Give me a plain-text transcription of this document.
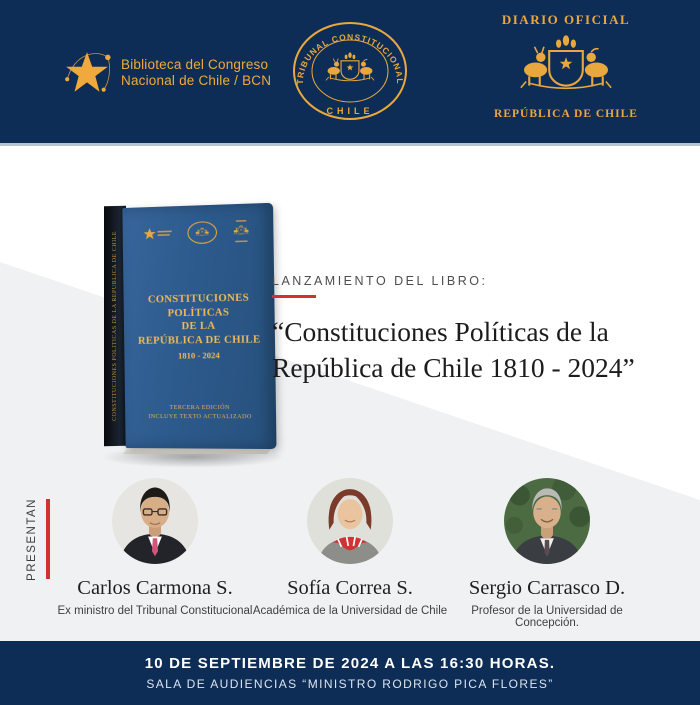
Biblioteca del Congreso
Nacional de Chile / BCN	TRIBUNAL CONSTITUCIONAL
CHILE
DIARIO OFICIAL
REPÚBLICA DE CHILE
CONSTITUCIONES POLÍTICAS DE LA REPÚBLICA DE CHILE	CONSTITUCIONES POLÍTICAS
DE LA
REPÚBLICA DE CHILE
1810 - 2024
TERCERA EDICIÓN
INCLUYE TEXTO ACTUALIZADO
LANZAMIENTO DEL LIBRO:
“Constituciones Políticas de la
República de Chile 1810 - 2024”
PRESENTAN
Carlos Carmona S.
Ex ministro del Tribunal Constitucional
Sofía Correa S.
Académica de la Universidad de Chile
Sergio Carrasco D.
Profesor de la Universidad de Concepción.
10 DE SEPTIEMBRE DE 2024 A LAS 16:30 HORAS.
SALA DE AUDIENCIAS “MINISTRO RODRIGO PICA FLORES”
